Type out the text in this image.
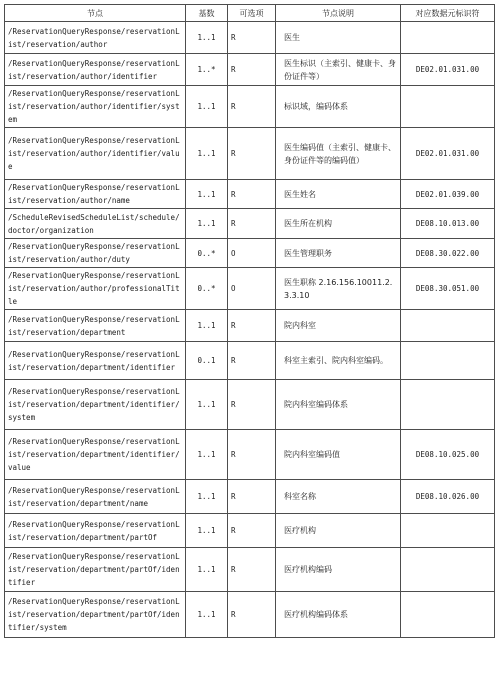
节点	基数	可选项	节点说明	对应数据元标识符
/ReservationQueryResponse/reservationList/reservation/author	1..1	R	医生	
/ReservationQueryResponse/reservationList/reservation/author/identifier	1..*	R	医生标识（主索引、健康卡、身份证件等）	DE02.01.031.00
/ReservationQueryResponse/reservationList/reservation/author/identifier/system	1..1	R	标识域，编码体系	
/ReservationQueryResponse/reservationList/reservation/author/identifier/value	1..1	R	医生编码值（主索引、健康卡、身份证件等的编码值）	DE02.01.031.00
/ReservationQueryResponse/reservationList/reservation/author/name	1..1	R	医生姓名	DE02.01.039.00
/ScheduleRevisedScheduleList/schedule/doctor/organization	1..1	R	医生所在机构	DE08.10.013.00
/ReservationQueryResponse/reservationList/reservation/author/duty	0..*	O	医生管理职务	DE08.30.022.00
/ReservationQueryResponse/reservationList/reservation/author/professionalTitle	0..*	O	医生职称 2.16.156.10011.2.3.3.10	DE08.30.051.00
/ReservationQueryResponse/reservationList/reservation/department	1..1	R	院内科室	
/ReservationQueryResponse/reservationList/reservation/department/identifier	0..1	R	科室主索引、院内科室编码。	
/ReservationQueryResponse/reservationList/reservation/department/identifier/system	1..1	R	院内科室编码体系	
/ReservationQueryResponse/reservationList/reservation/department/identifier/value	1..1	R	院内科室编码值	DE08.10.025.00
/ReservationQueryResponse/reservationList/reservation/department/name	1..1	R	科室名称	DE08.10.026.00
/ReservationQueryResponse/reservationList/reservation/department/partOf	1..1	R	医疗机构	
/ReservationQueryResponse/reservationList/reservation/department/partOf/identifier	1..1	R	医疗机构编码	
/ReservationQueryResponse/reservationList/reservation/department/partOf/identifier/system	1..1	R	医疗机构编码体系	
